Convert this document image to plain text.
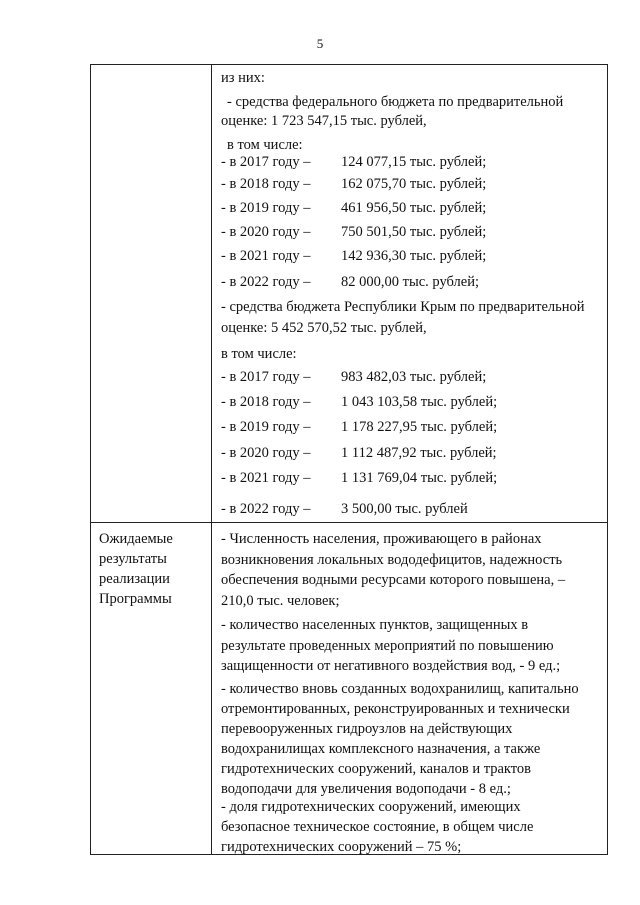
5
из них:
- средства федерального бюджета по предварительной
оценке: 1 723 547,15 тыс. рублей,
в том числе:
- в 2017 году – 124 077,15 тыс. рублей;
- в 2018 году – 162 075,70 тыс. рублей;
- в 2019 году – 461 956,50 тыс. рублей;
- в 2020 году – 750 501,50 тыс. рублей;
- в 2021 году – 142 936,30 тыс. рублей;
- в 2022 году – 82 000,00 тыс. рублей;
- средства бюджета Республики Крым по предварительной
оценке: 5 452 570,52 тыс. рублей,
в том числе:
- в 2017 году – 983 482,03 тыс. рублей;
- в 2018 году – 1 043 103,58 тыс. рублей;
- в 2019 году – 1 178 227,95 тыс. рублей;
- в 2020 году – 1 112 487,92 тыс. рублей;
- в 2021 году – 1 131 769,04 тыс. рублей;
- в 2022 году – 3 500,00 тыс. рублей
Ожидаемые
результаты
реализации
Программы
- Численность населения, проживающего в районах
возникновения локальных вододефицитов, надежность
обеспечения водными ресурсами которого повышена, –
210,0 тыс. человек;
- количество населенных пунктов, защищенных в
результате проведенных мероприятий по повышению
защищенности от негативного воздействия вод, - 9 ед.;
- количество вновь созданных водохранилищ, капитально
отремонтированных, реконструированных и технически
перевооруженных гидроузлов на действующих
водохранилищах комплексного назначения, а также
гидротехнических сооружений, каналов и трактов
водоподачи для увеличения водоподачи - 8 ед.;
- доля гидротехнических сооружений, имеющих
безопасное техническое состояние, в общем числе
гидротехнических сооружений – 75 %;
